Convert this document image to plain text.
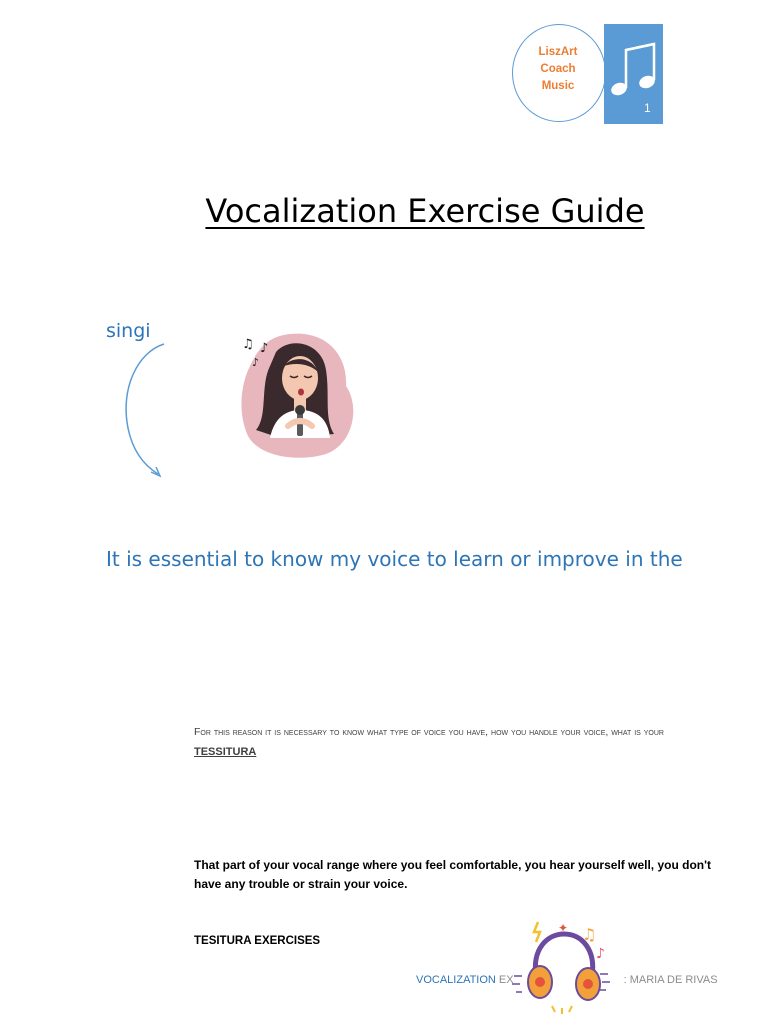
LiszArt
Coach
Music
1
Vocalization Exercise Guide
singi
♫ ♪
♪
It is essential to know my voice to learn or improve in the
For this reason it is necessary to know what type of voice you have, how you handle your voice, what is your TESSITURA
That part of your vocal range where you feel comfortable, you hear yourself well, you don't have any trouble or strain your voice.
TESITURA EXERCISES
VOCALIZATION EX	: MARIA DE RIVAS
✦ ♫
♪
